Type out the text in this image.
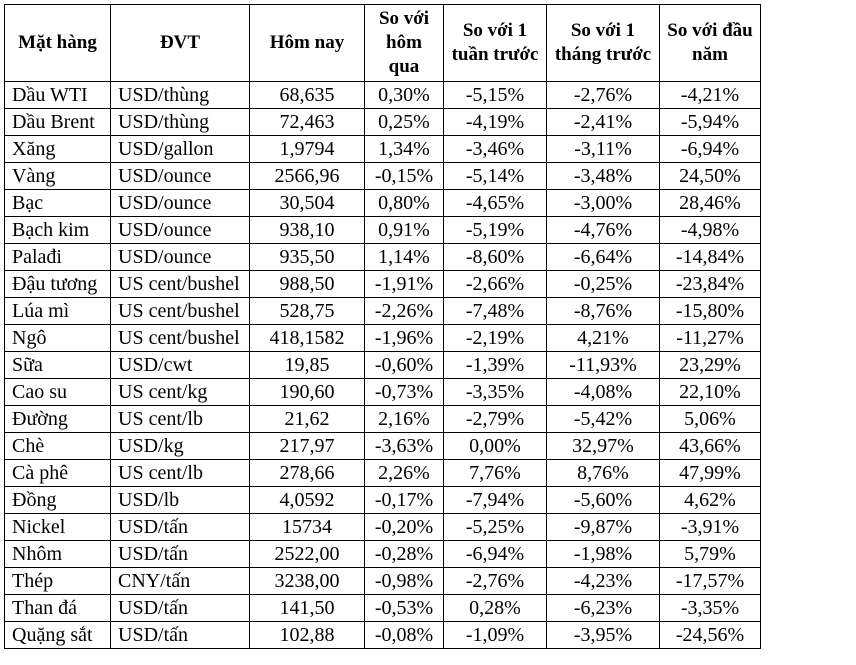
Mặt hàng	ĐVT	Hôm nay	So với hôm qua	So với 1 tuần trước	So với 1 tháng trước	So với đầu năm
Dầu WTI	USD/thùng	68,635	0,30%	-5,15%	-2,76%	-4,21%
Dầu Brent	USD/thùng	72,463	0,25%	-4,19%	-2,41%	-5,94%
Xăng	USD/gallon	1,9794	1,34%	-3,46%	-3,11%	-6,94%
Vàng	USD/ounce	2566,96	-0,15%	-5,14%	-3,48%	24,50%
Bạc	USD/ounce	30,504	0,80%	-4,65%	-3,00%	28,46%
Bạch kim	USD/ounce	938,10	0,91%	-5,19%	-4,76%	-4,98%
Palađi	USD/ounce	935,50	1,14%	-8,60%	-6,64%	-14,84%
Đậu tương	US cent/bushel	988,50	-1,91%	-2,66%	-0,25%	-23,84%
Lúa mì	US cent/bushel	528,75	-2,26%	-7,48%	-8,76%	-15,80%
Ngô	US cent/bushel	418,1582	-1,96%	-2,19%	4,21%	-11,27%
Sữa	USD/cwt	19,85	-0,60%	-1,39%	-11,93%	23,29%
Cao su	US cent/kg	190,60	-0,73%	-3,35%	-4,08%	22,10%
Đường	US cent/lb	21,62	2,16%	-2,79%	-5,42%	5,06%
Chè	USD/kg	217,97	-3,63%	0,00%	32,97%	43,66%
Cà phê	US cent/lb	278,66	2,26%	7,76%	8,76%	47,99%
Đồng	USD/lb	4,0592	-0,17%	-7,94%	-5,60%	4,62%
Nickel	USD/tấn	15734	-0,20%	-5,25%	-9,87%	-3,91%
Nhôm	USD/tấn	2522,00	-0,28%	-6,94%	-1,98%	5,79%
Thép	CNY/tấn	3238,00	-0,98%	-2,76%	-4,23%	-17,57%
Than đá	USD/tấn	141,50	-0,53%	0,28%	-6,23%	-3,35%
Quặng sắt	USD/tấn	102,88	-0,08%	-1,09%	-3,95%	-24,56%
